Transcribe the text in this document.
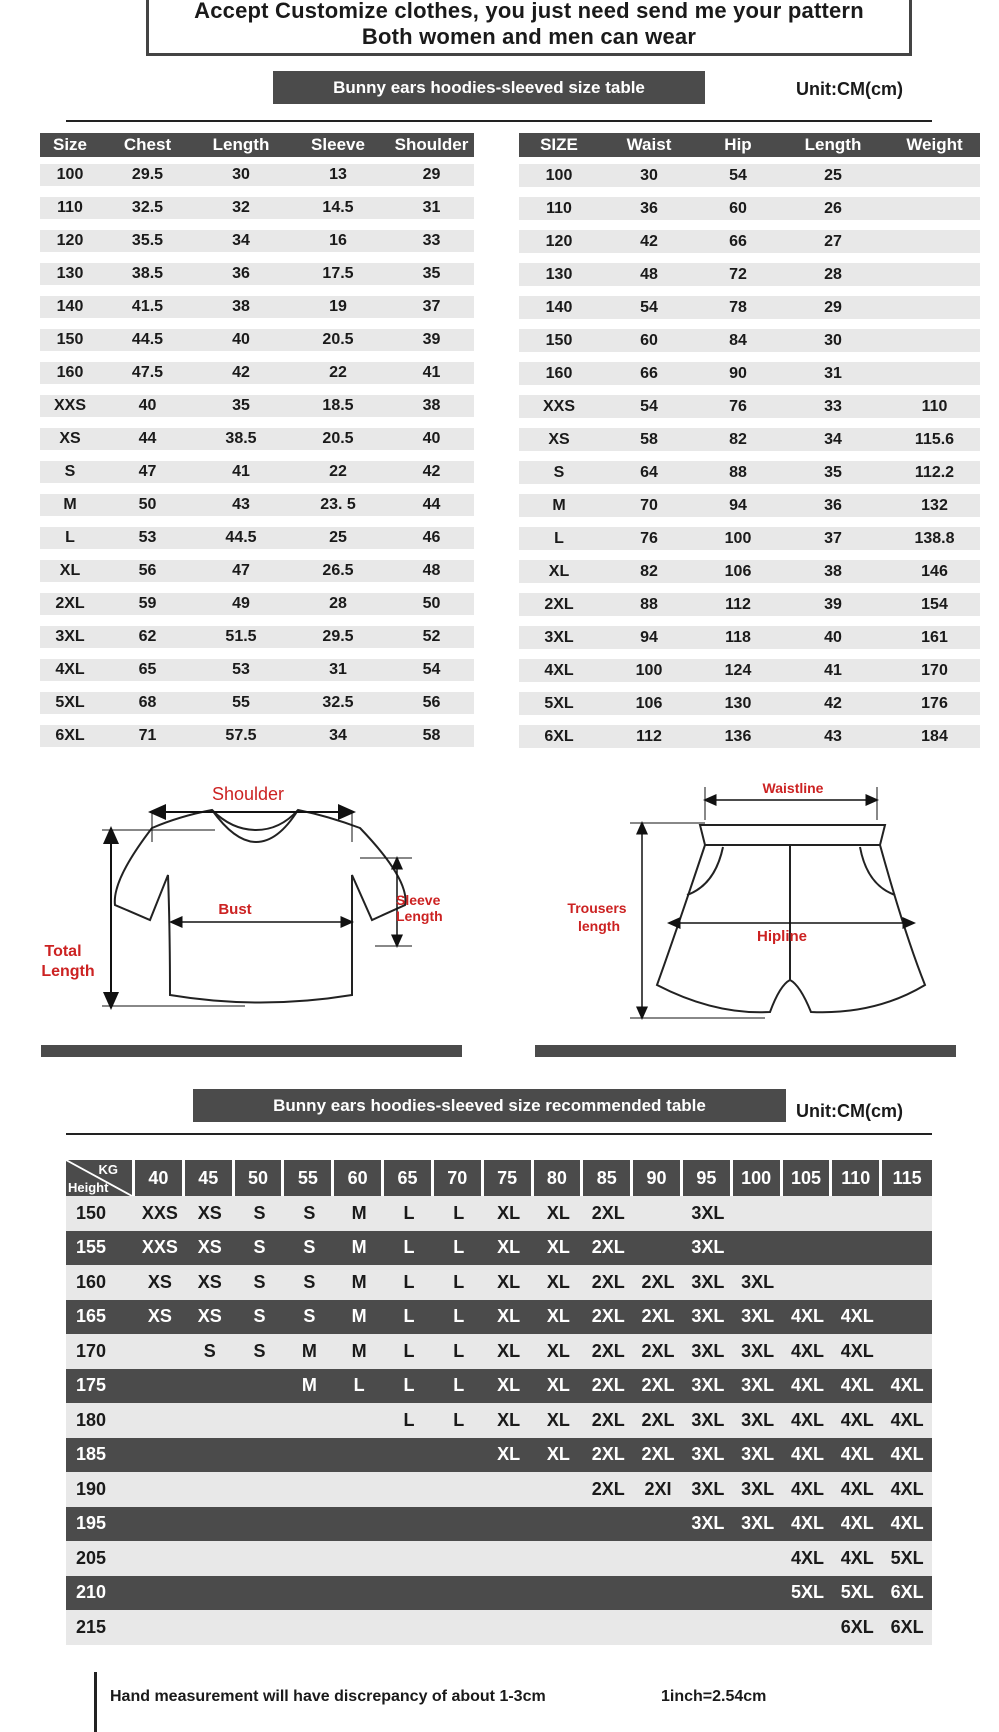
Accept Customize clothes, you just need send me your pattern
Both women and men can wear
Bunny ears hoodies-sleeved size table	Unit:CM(cm)
Size	Chest	Length	Sleeve	Shoulder

100	29.5	30	13	29

110	32.5	32	14.5	31

120	35.5	34	16	33

130	38.5	36	17.5	35

140	41.5	38	19	37

150	44.5	40	20.5	39

160	47.5	42	22	41

XXS	40	35	18.5	38

XS	44	38.5	20.5	40

S	47	41	22	42

M	50	43	23. 5	44

L	53	44.5	25	46

XL	56	47	26.5	48

2XL	59	49	28	50

3XL	62	51.5	29.5	52

4XL	65	53	31	54

5XL	68	55	32.5	56

6XL	71	57.5	34	58
SIZE	Waist	Hip	Length	Weight

100	30	54	25	

110	36	60	26	

120	42	66	27	

130	48	72	28	

140	54	78	29	

150	60	84	30	

160	66	90	31	

XXS	54	76	33	110

XS	58	82	34	115.6

S	64	88	35	112.2

M	70	94	36	132

L	76	100	37	138.8

XL	82	106	38	146

2XL	88	112	39	154

3XL	94	118	40	161

4XL	100	124	41	170

5XL	106	130	42	176

6XL	112	136	43	184
Shoulder
Bust
Sleeve
Length
Total
Length
Waistline
Hipline
Trousers
length
Bunny ears hoodies-sleeved size recommended table	Unit:CM(cm)
KG
Height	40	45	50	55	60	65	70	75	80	85	90	95	100	105	110	115
150	XXS	XS	S	S	M	L	L	XL	XL	2XL		3XL				
155	XXS	XS	S	S	M	L	L	XL	XL	2XL		3XL				
160	XS	XS	S	S	M	L	L	XL	XL	2XL	2XL	3XL	3XL			
165	XS	XS	S	S	M	L	L	XL	XL	2XL	2XL	3XL	3XL	4XL	4XL	
170		S	S	M	M	L	L	XL	XL	2XL	2XL	3XL	3XL	4XL	4XL	
175				M	L	L	L	XL	XL	2XL	2XL	3XL	3XL	4XL	4XL	4XL
180						L	L	XL	XL	2XL	2XL	3XL	3XL	4XL	4XL	4XL
185								XL	XL	2XL	2XL	3XL	3XL	4XL	4XL	4XL
190										2XL	2XI	3XL	3XL	4XL	4XL	4XL
195												3XL	3XL	4XL	4XL	4XL
205														4XL	4XL	5XL
210														5XL	5XL	6XL
215															6XL	6XL
Hand measurement will have discrepancy of about 1-3cm	1inch=2.54cm
